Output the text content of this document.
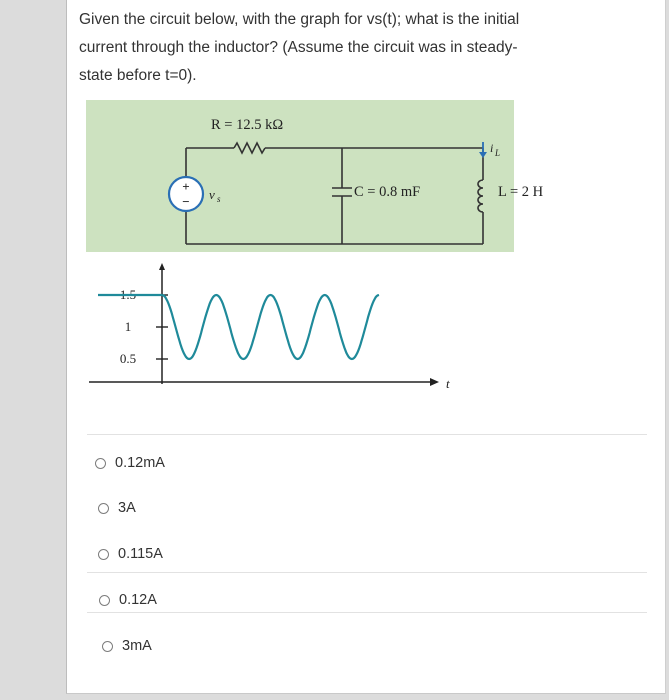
Given the circuit below, with the graph for vs(t); what is the initial
current through the inductor? (Assume the circuit was in steady-
state before t=0).
+
−
R = 12.5 kΩ
v s	C = 0.8 mF	L = 2 H
i L
t
1.5
1
0.5
0.12mA
3A
0.115A
0.12A
3mA
